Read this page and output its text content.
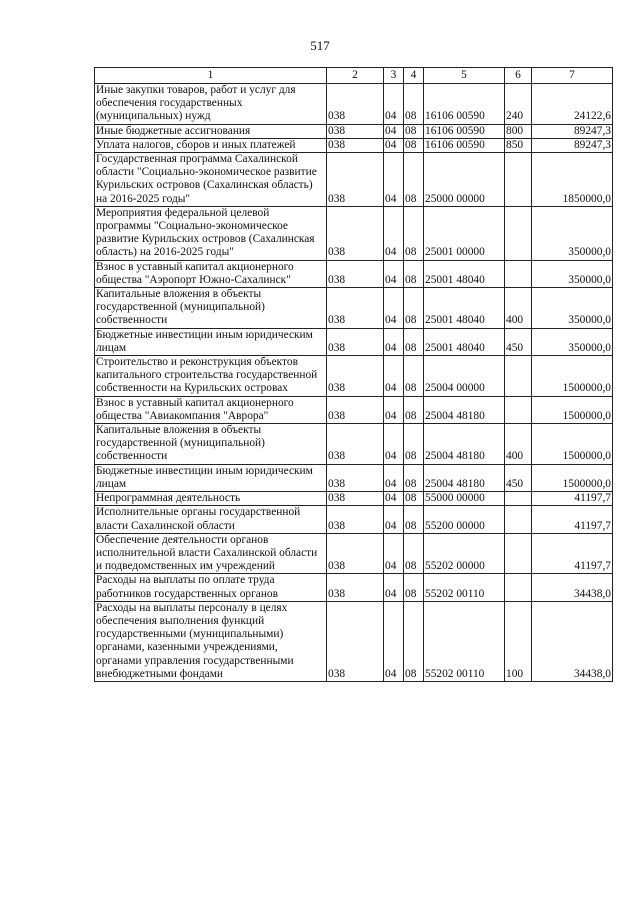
517
1	2	3	4	5	6	7
Иные закупки товаров, работ и услуг для обеспечения государственных (муниципальных) нужд	038	04	08	16106 00590	240	24122,6
Иные бюджетные ассигнования	038	04	08	16106 00590	800	89247,3
Уплата налогов, сборов и иных платежей	038	04	08	16106 00590	850	89247,3
Государственная программа Сахалинской области "Социально-экономическое развитие Курильских островов (Сахалинская область) на 2016-2025 годы"	038	04	08	25000 00000		1850000,0
Мероприятия федеральной целевой программы "Социально-экономическое развитие Курильских островов (Сахалинская область) на 2016-2025 годы"	038	04	08	25001 00000		350000,0
Взнос в уставный капитал акционерного общества "Аэропорт Южно-Сахалинск"	038	04	08	25001 48040		350000,0
Капитальные вложения в объекты государственной (муниципальной) собственности	038	04	08	25001 48040	400	350000,0
Бюджетные инвестиции иным юридическим лицам	038	04	08	25001 48040	450	350000,0
Строительство и реконструкция объектов капитального строительства государственной собственности на Курильских островах	038	04	08	25004 00000		1500000,0
Взнос в уставный капитал акционерного общества "Авиакомпания "Аврора"	038	04	08	25004 48180		1500000,0
Капитальные вложения в объекты государственной (муниципальной) собственности	038	04	08	25004 48180	400	1500000,0
Бюджетные инвестиции иным юридическим лицам	038	04	08	25004 48180	450	1500000,0
Непрограммная деятельность	038	04	08	55000 00000		41197,7
Исполнительные органы государственной власти Сахалинской области	038	04	08	55200 00000		41197,7
Обеспечение деятельности органов исполнительной власти Сахалинской области и подведомственных им учреждений	038	04	08	55202 00000		41197,7
Расходы на выплаты по оплате труда работников государственных органов	038	04	08	55202 00110		34438,0
Расходы на выплаты персоналу в целях обеспечения выполнения функций государственными (муниципальными) органами, казенными учреждениями, органами управления государственными внебюджетными фондами	038	04	08	55202 00110	100	34438,0
